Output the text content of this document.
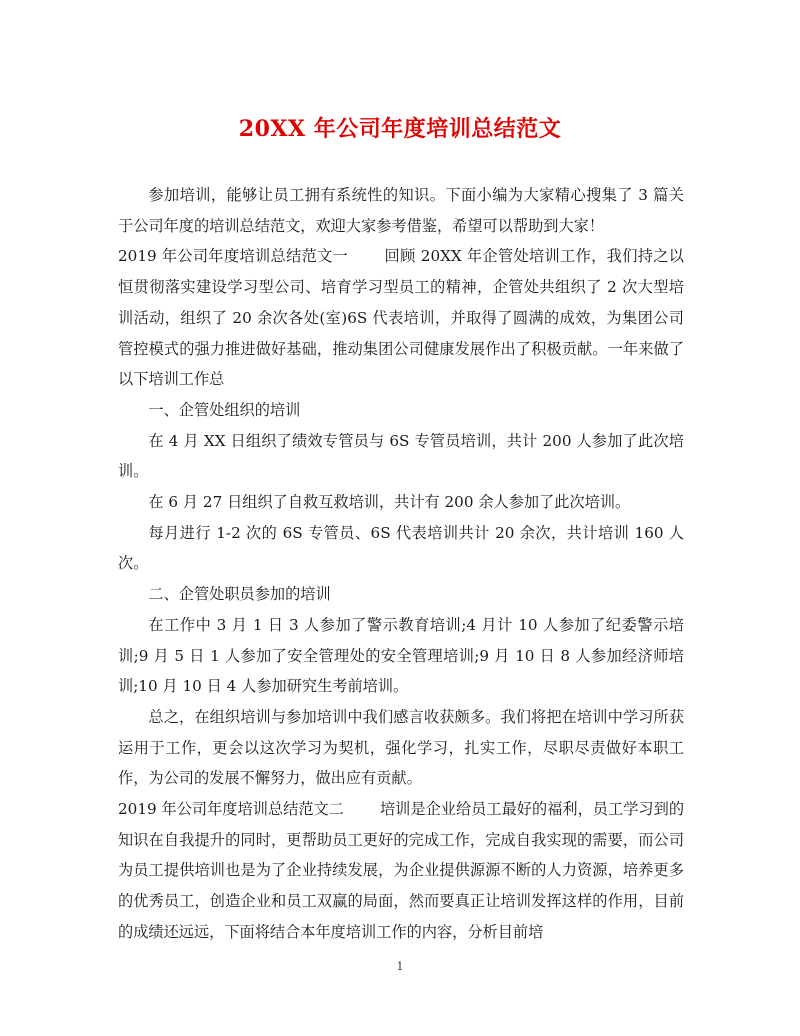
20XX 年公司年度培训总结范文

参加培训，能够让员工拥有系统性的知识。下面小编为大家精心搜集了 3 篇关于公司年度的培训总结范文，欢迎大家参考借鉴，希望可以帮助到大家！

2019 年公司年度培训总结范文一 回顾 20XX 年企管处培训工作，我们持之以恒贯彻落实建设学习型公司、培育学习型员工的精神，企管处共组织了 2 次大型培训活动，组织了 20 余次各处(室)6S 代表培训，并取得了圆满的成效，为集团公司管控模式的强力推进做好基础，推动集团公司健康发展作出了积极贡献。一年来做了以下培训工作总

一、企管处组织的培训

在 4 月 XX 日组织了绩效专管员与 6S 专管员培训，共计 200 人参加了此次培训。

在 6 月 27 日组织了自救互救培训，共计有 200 余人参加了此次培训。

每月进行 1-2 次的 6S 专管员、6S 代表培训共计 20 余次，共计培训 160 人次。

二、企管处职员参加的培训

在工作中 3 月 1 日 3 人参加了警示教育培训;4 月计 10 人参加了纪委警示培训;9 月 5 日 1 人参加了安全管理处的安全管理培训;9 月 10 日 8 人参加经济师培训;10 月 10 日 4 人参加研究生考前培训。

总之，在组织培训与参加培训中我们感言收获颇多。我们将把在培训中学习所获运用于工作，更会以这次学习为契机，强化学习，扎实工作，尽职尽责做好本职工作，为公司的发展不懈努力，做出应有贡献。

2019 年公司年度培训总结范文二 培训是企业给员工最好的福利，员工学习到的知识在自我提升的同时，更帮助员工更好的完成工作，完成自我实现的需要，而公司为员工提供培训也是为了企业持续发展，为企业提供源源不断的人力资源，培养更多的优秀员工，创造企业和员工双赢的局面，然而要真正让培训发挥这样的作用，目前的成绩还远远，下面将结合本年度培训工作的内容，分析目前培

1
